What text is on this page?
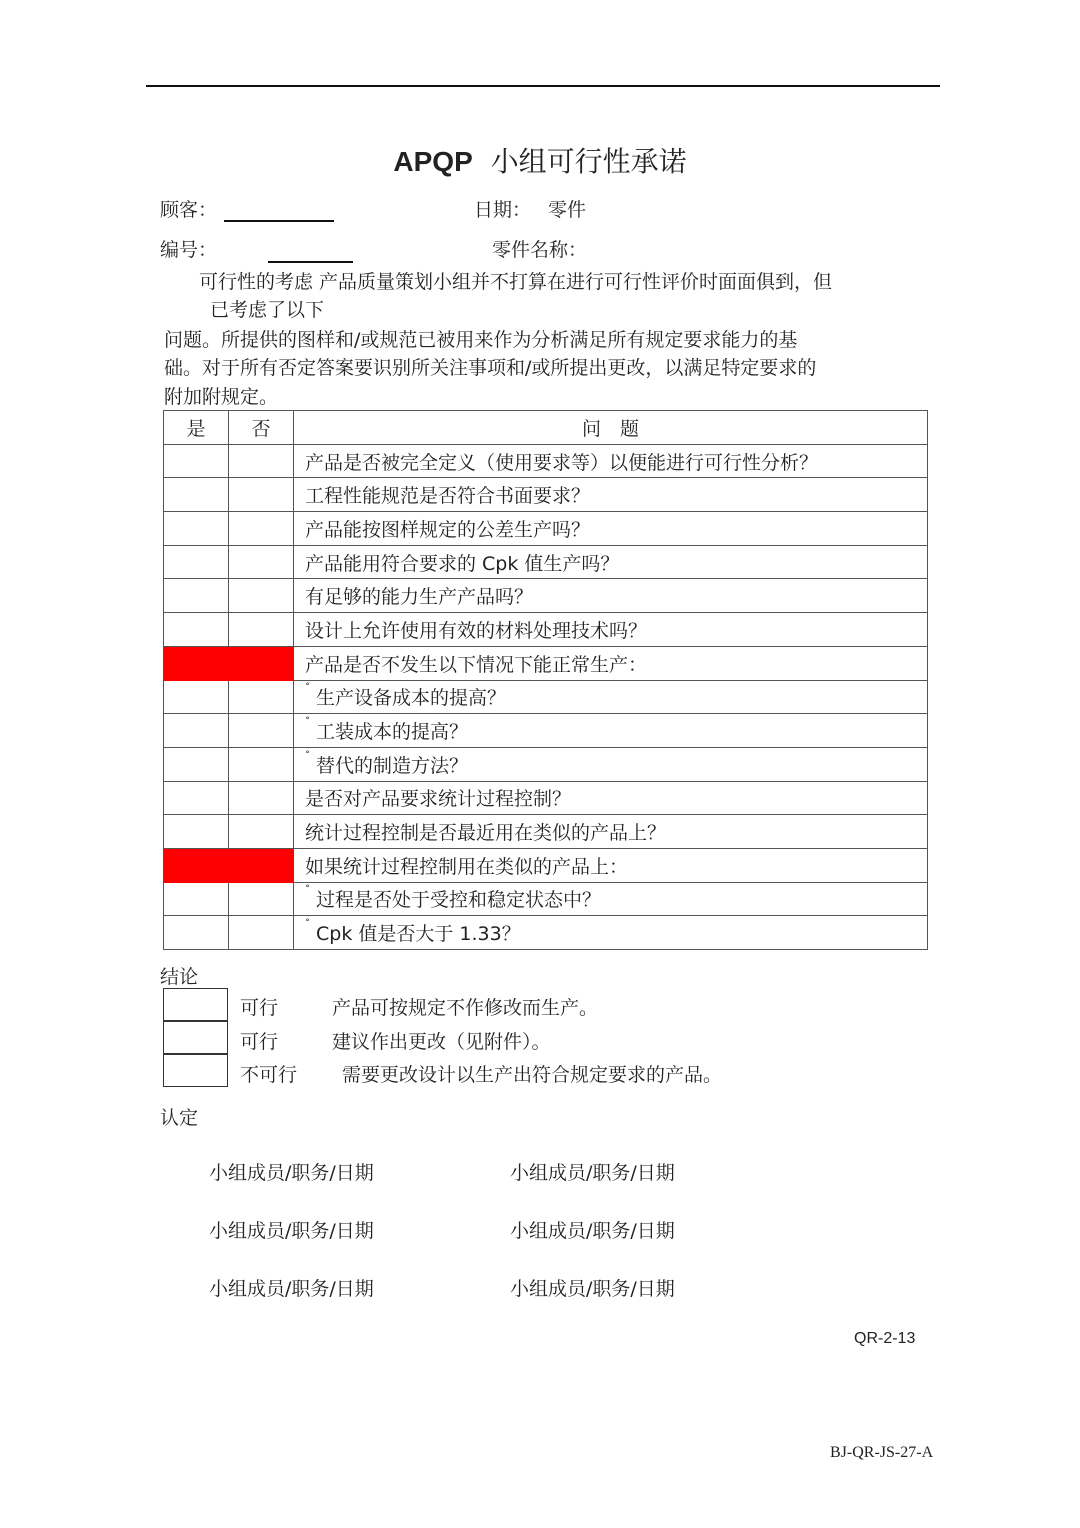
APQP 小组可行性承诺
顾客：	日期： 零件
编号：	零件名称：
可行性的考虑 产品质量策划小组并不打算在进行可行性评价时面面俱到，但
已考虑了以下
问题。所提供的图样和/或规范已被用来作为分析满足所有规定要求能力的基
础。对于所有否定答案要识别所关注事项和/或所提出更改，以满足特定要求的
附加附规定。
是	否	问　题
		产品是否被完全定义（使用要求等）以便能进行可行性分析？
		工程性能规范是否符合书面要求？
		产品能按图样规定的公差生产吗？
		产品能用符合要求的 Cpk 值生产吗？
		有足够的能力生产产品吗？
		设计上允许使用有效的材料处理技术吗？
		产品是否不发生以下情况下能正常生产：
		˚ 生产设备成本的提高？
		˚ 工装成本的提高？
		˚ 替代的制造方法？
		是否对产品要求统计过程控制？
		统计过程控制是否最近用在类似的产品上？
		如果统计过程控制用在类似的产品上：
		˚ 过程是否处于受控和稳定状态中？
		˚ Cpk 值是否大于 1.33？
结论
可行	产品可按规定不作修改而生产。
可行	建议作出更改（见附件）。
不可行 需要更改设计以生产出符合规定要求的产品。
认定
小组成员/职务/日期	小组成员/职务/日期
小组成员/职务/日期	小组成员/职务/日期
小组成员/职务/日期	小组成员/职务/日期
QR-2-13
BJ-QR-JS-27-A
